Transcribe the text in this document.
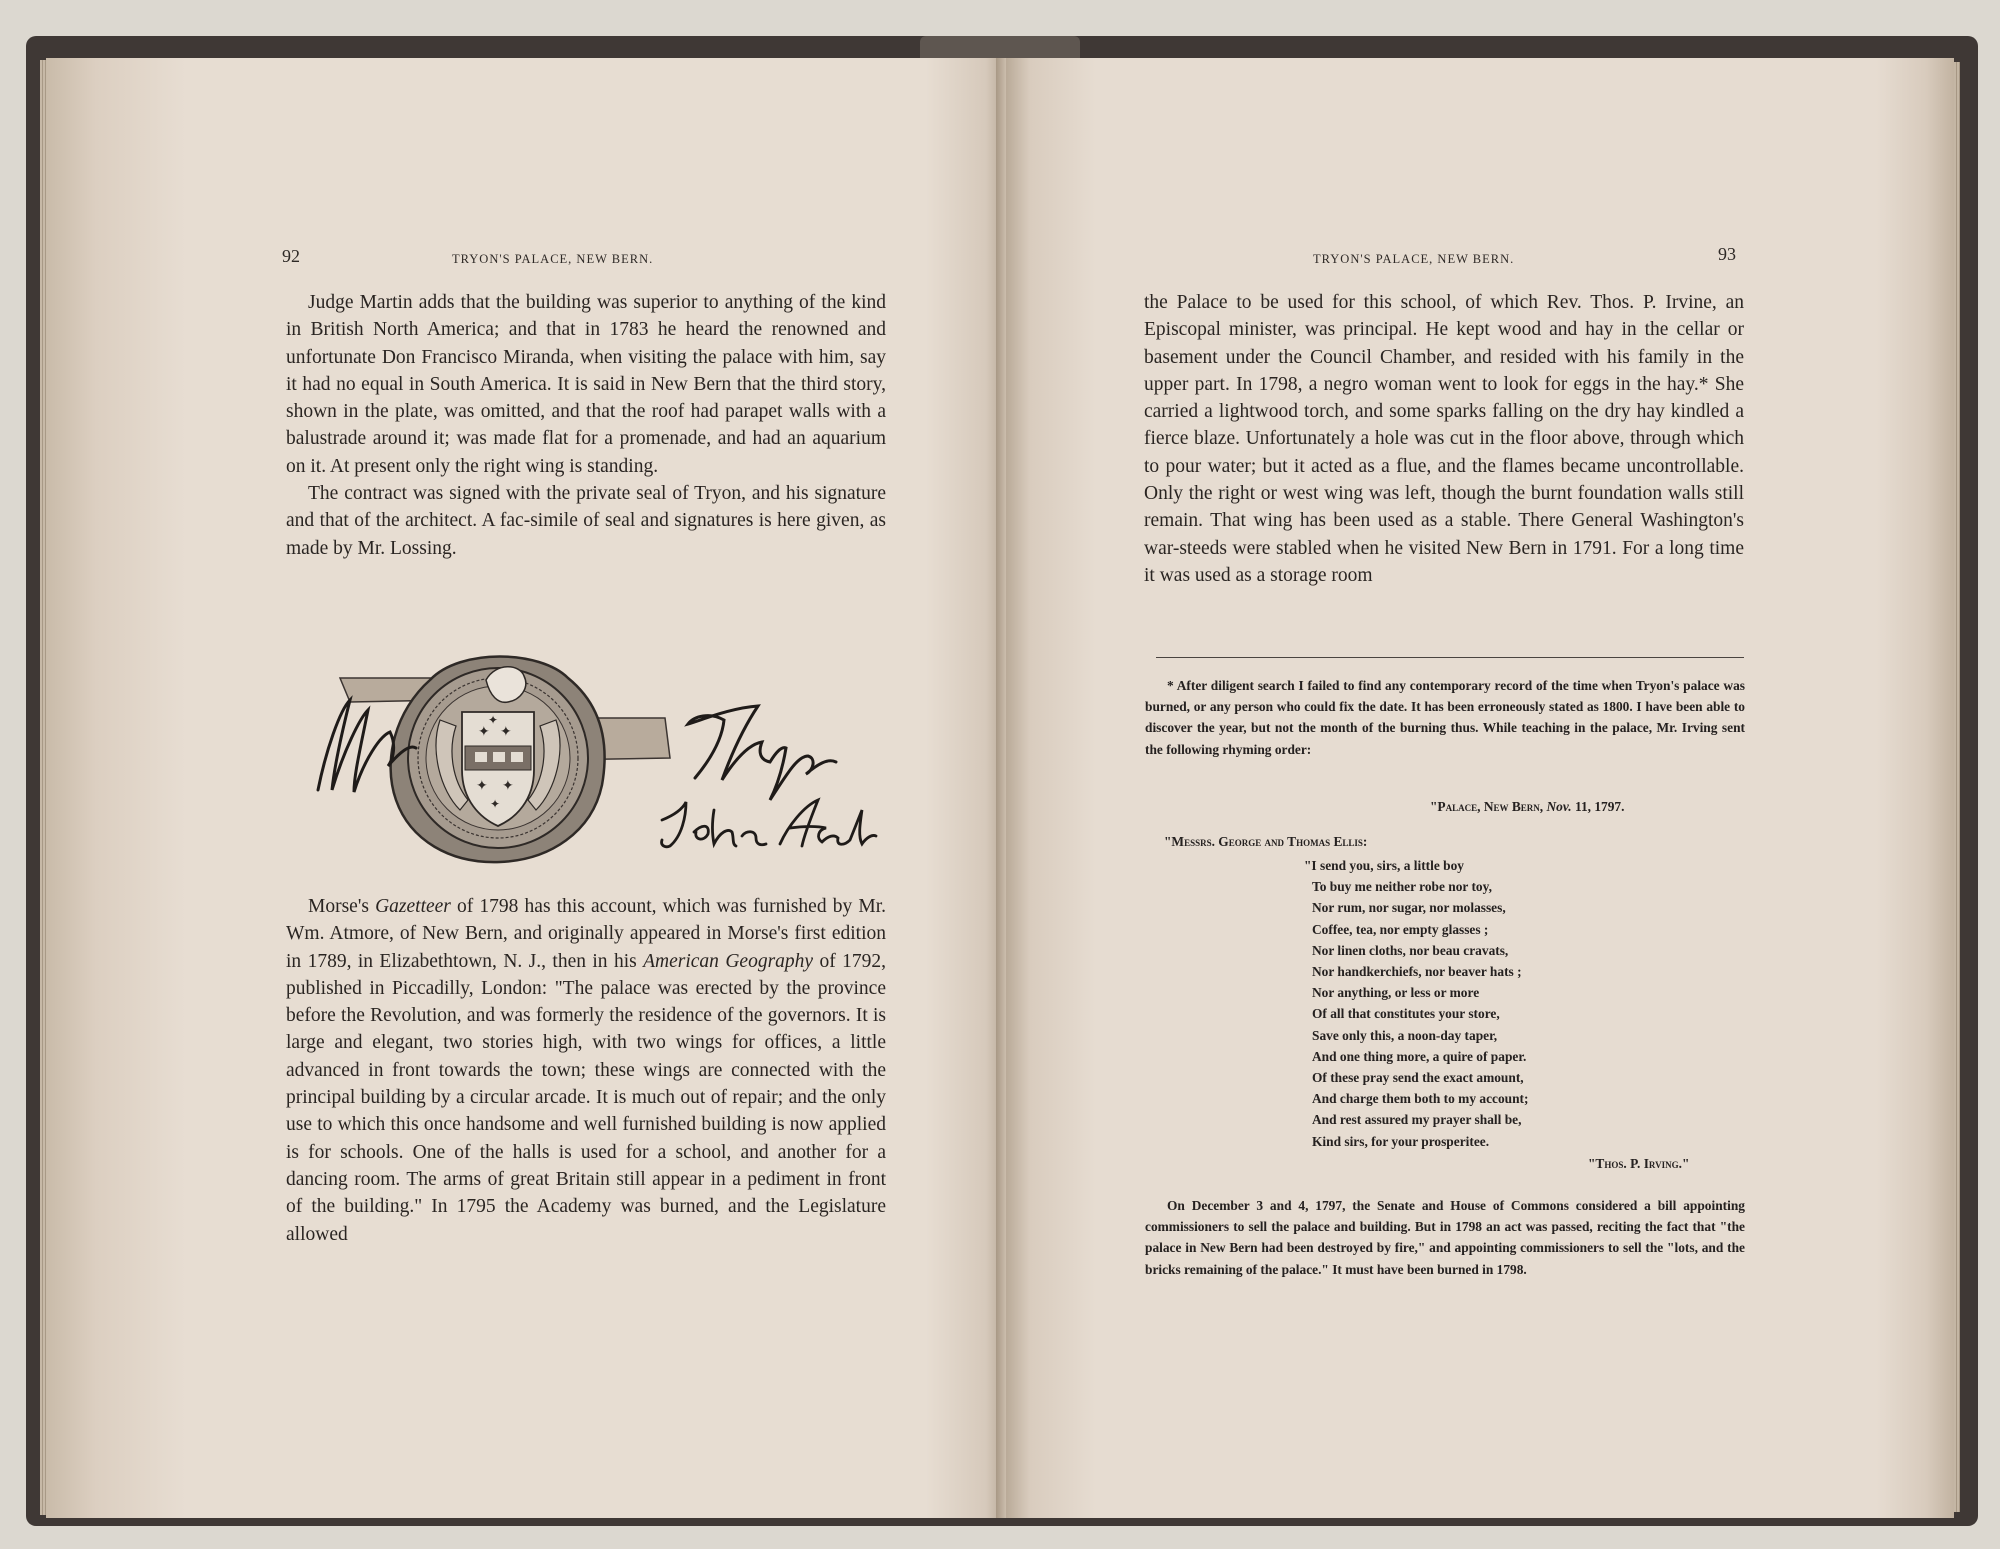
92	TRYON'S PALACE, NEW BERN.

Judge Martin adds that the building was superior to anything of the kind in British North America; and that in 1783 he heard the renowned and unfortunate Don Francisco Miranda, when visiting the palace with him, say it had no equal in South America. It is said in New Bern that the third story, shown in the plate, was omitted, and that the roof had parapet walls with a balustrade around it; was made flat for a promenade, and had an aquarium on it. At present only the right wing is standing.

The contract was signed with the private seal of Tryon, and his signature and that of the architect. A fac-simile of seal and signatures is here given, as made by Mr. Lossing.

✦ ✦
✦
✦ ✦
✦

Morse's Gazetteer of 1798 has this account, which was furnished by Mr. Wm. Atmore, of New Bern, and originally appeared in Morse's first edition in 1789, in Elizabethtown, N. J., then in his American Geography of 1792, published in Piccadilly, London: "The palace was erected by the province before the Revolution, and was formerly the residence of the governors. It is large and elegant, two stories high, with two wings for offices, a little advanced in front towards the town; these wings are connected with the principal building by a circular arcade. It is much out of repair; and the only use to which this once handsome and well furnished building is now applied is for schools. One of the halls is used for a school, and another for a dancing room. The arms of great Britain still appear in a pediment in front of the building." In 1795 the Academy was burned, and the Legislature allowed

TRYON'S PALACE, NEW BERN.	93
the Palace to be used for this school, of which Rev. Thos. P. Irvine, an Episcopal minister, was principal. He kept wood and hay in the cellar or basement under the Council Chamber, and resided with his family in the upper part. In 1798, a negro woman went to look for eggs in the hay.* She carried a lightwood torch, and some sparks falling on the dry hay kindled a fierce blaze. Unfortunately a hole was cut in the floor above, through which to pour water; but it acted as a flue, and the flames became uncontrollable. Only the right or west wing was left, though the burnt foundation walls still remain. That wing has been used as a stable. There General Washington's war-steeds were stabled when he visited New Bern in 1791. For a long time it was used as a storage room

* After diligent search I failed to find any contemporary record of the time when Tryon's palace was burned, or any person who could fix the date. It has been erroneously stated as 1800. I have been able to discover the year, but not the month of the burning thus. While teaching in the palace, Mr. Irving sent the following rhyming order:

"Palace, New Bern, Nov. 11, 1797.
"Messrs. George and Thomas Ellis:
"I send you, sirs, a little boy
To buy me neither robe nor toy,
Nor rum, nor sugar, nor molasses,
Coffee, tea, nor empty glasses ;
Nor linen cloths, nor beau cravats,
Nor handkerchiefs, nor beaver hats ;
Nor anything, or less or more
Of all that constitutes your store,
Save only this, a noon-day taper,
And one thing more, a quire of paper.
Of these pray send the exact amount,
And charge them both to my account;
And rest assured my prayer shall be,
Kind sirs, for your prosperitee.
"Thos. P. Irving."

On December 3 and 4, 1797, the Senate and House of Commons considered a bill appointing commissioners to sell the palace and building. But in 1798 an act was passed, reciting the fact that "the palace in New Bern had been destroyed by fire," and appointing commissioners to sell the "lots, and the bricks remaining of the palace." It must have been burned in 1798.
